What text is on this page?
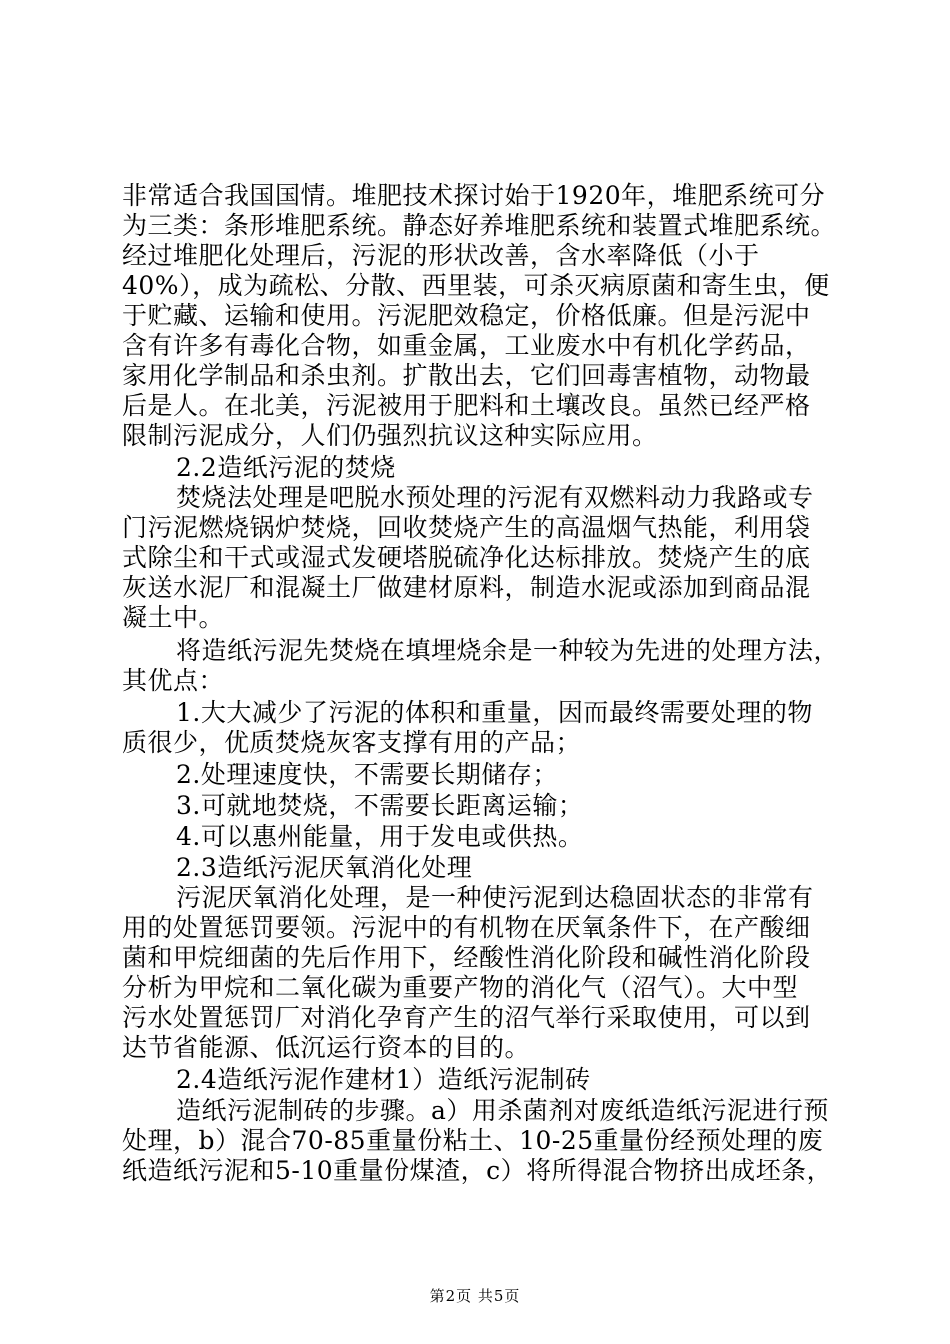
非常适合我国国情。堆肥技术探讨始于1920年，堆肥系统可分
为三类：条形堆肥系统。静态好养堆肥系统和装置式堆肥系统。
经过堆肥化处理后，污泥的形状改善，含水率降低（小于
40%），成为疏松、分散、西里装，可杀灭病原菌和寄生虫，便
于贮藏、运输和使用。污泥肥效稳定，价格低廉。但是污泥中
含有许多有毒化合物，如重金属，工业废水中有机化学药品，
家用化学制品和杀虫剂。扩散出去，它们回毒害植物，动物最
后是人。在北美，污泥被用于肥料和土壤改良。虽然已经严格
限制污泥成分，人们仍强烈抗议这种实际应用。
2.2造纸污泥的焚烧
焚烧法处理是吧脱水预处理的污泥有双燃料动力我路或专
门污泥燃烧锅炉焚烧，回收焚烧产生的高温烟气热能，利用袋
式除尘和干式或湿式发硬塔脱硫净化达标排放。焚烧产生的底
灰送水泥厂和混凝土厂做建材原料，制造水泥或添加到商品混
凝土中。
将造纸污泥先焚烧在填埋烧余是一种较为先进的处理方法，
其优点：
1.大大减少了污泥的体积和重量，因而最终需要处理的物
质很少，优质焚烧灰客支撑有用的产品；
2.处理速度快，不需要长期储存；
3.可就地焚烧，不需要长距离运输；
4.可以惠州能量，用于发电或供热。
2.3造纸污泥厌氧消化处理
污泥厌氧消化处理，是一种使污泥到达稳固状态的非常有
用的处置惩罚要领。污泥中的有机物在厌氧条件下，在产酸细
菌和甲烷细菌的先后作用下，经酸性消化阶段和碱性消化阶段
分析为甲烷和二氧化碳为重要产物的消化气（沼气）。大中型
污水处置惩罚厂对消化孕育产生的沼气举行采取使用，可以到
达节省能源、低沉运行资本的目的。
2.4造纸污泥作建材1）造纸污泥制砖
造纸污泥制砖的步骤。a）用杀菌剂对废纸造纸污泥进行预
处理，b）混合70-85重量份粘土、10-25重量份经预处理的废
纸造纸污泥和5-10重量份煤渣，c）将所得混合物挤出成坯条，
第2页 共5页
